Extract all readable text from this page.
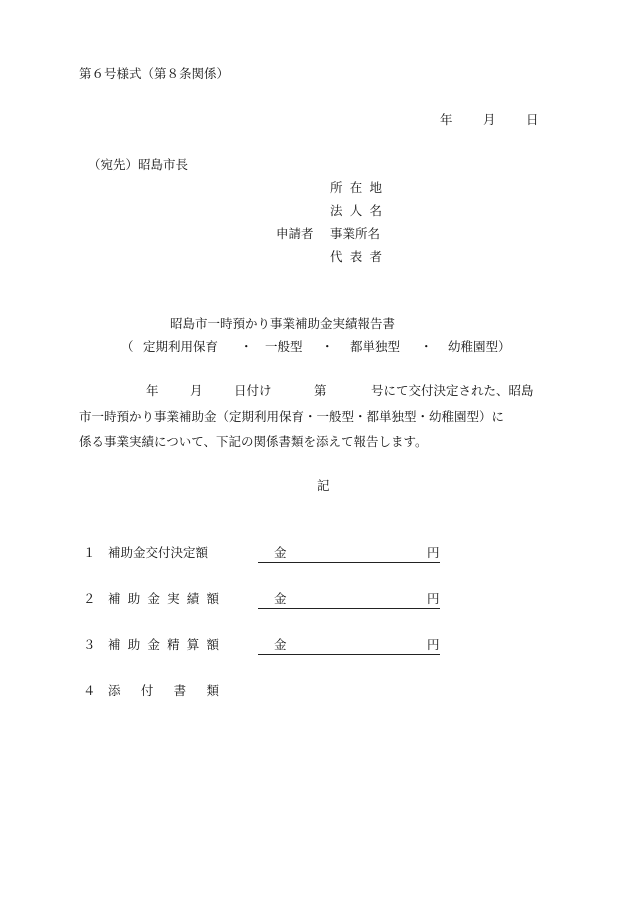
第６号様式（第８条関係）
年 月 日
（宛先）昭島市長
所 在 地
法 人 名
申請者 事業所名
代 表 者
昭島市一時預かり事業補助金実績報告書
（ 定期利用保育 ・ 一般型 ・ 都単独型 ・ 幼稚園型）
年	月	日付け	第	号にて交付決定された、昭島
市一時預かり事業補助金（定期利用保育・一般型・都単独型・幼稚園型）に
係る事業実績について、下記の関係書類を添えて報告します。
記
１ 補助金交付決定額	金	円
２ 補 助 金 実 績 額	金	円
３ 補 助 金 精 算 額	金	円
４ 添 付 書 類
